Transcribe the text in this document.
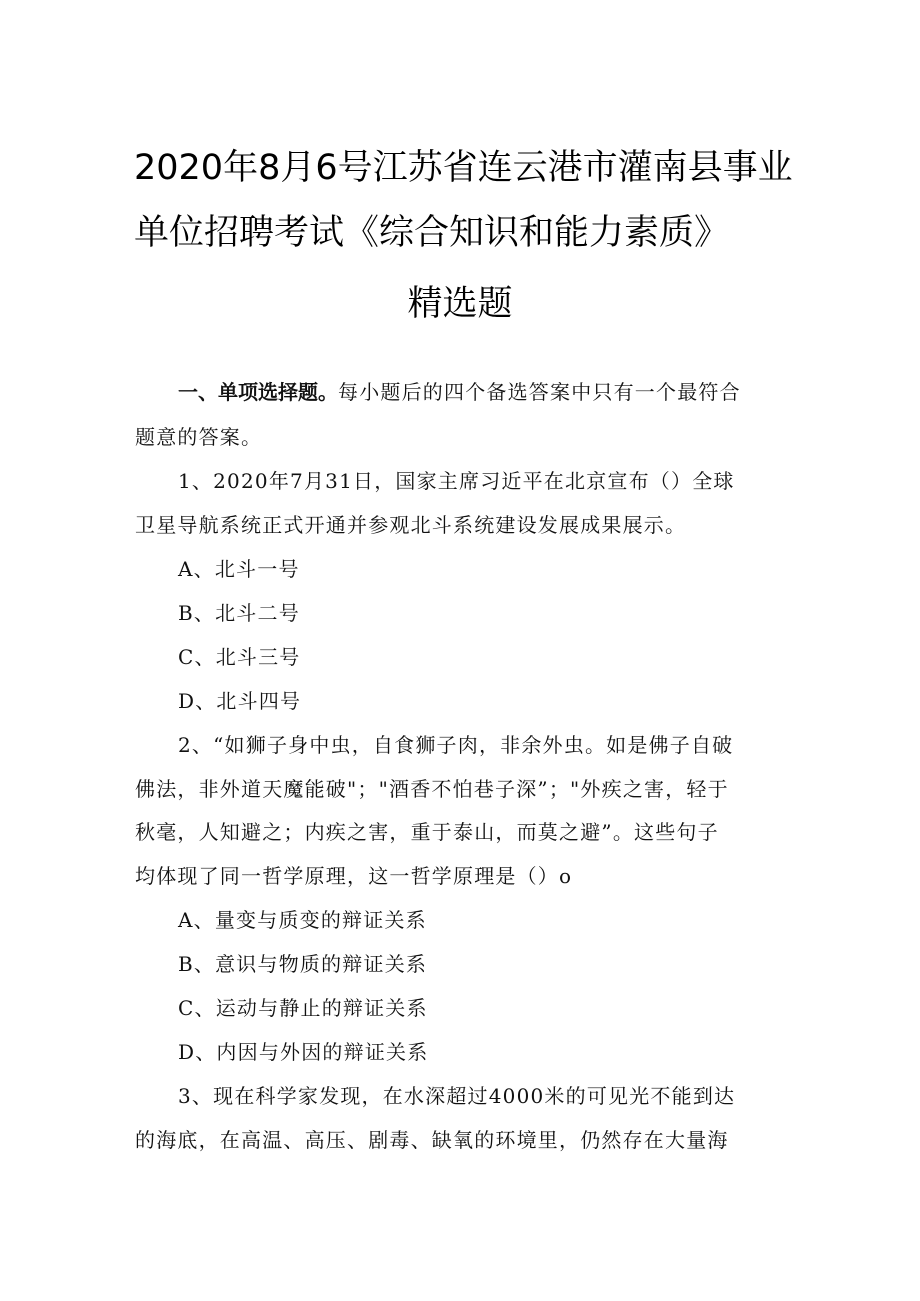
2020年8月6号江苏省连云港市灌南县事业
单位招聘考试《综合知识和能力素质》
精选题
一、单项选择题。每小题后的四个备选答案中只有一个最符合
题意的答案。
1、2020年7月31日，国家主席习近平在北京宣布（）全球
卫星导航系统正式开通并参观北斗系统建设发展成果展示。
A、北斗一号
B、北斗二号
C、北斗三号
D、北斗四号
2、“如狮子身中虫，自食狮子肉，非余外虫。如是佛子自破
佛法，非外道天魔能破"；"酒香不怕巷子深”；"外疾之害，轻于
秋毫，人知避之；内疾之害，重于泰山，而莫之避”。这些句子
均体现了同一哲学原理，这一哲学原理是（）o
A、量变与质变的辩证关系
B、意识与物质的辩证关系
C、运动与静止的辩证关系
D、内因与外因的辩证关系
3、现在科学家发现，在水深超过4000米的可见光不能到达
的海底，在高温、高压、剧毒、缺氧的环境里，仍然存在大量海
